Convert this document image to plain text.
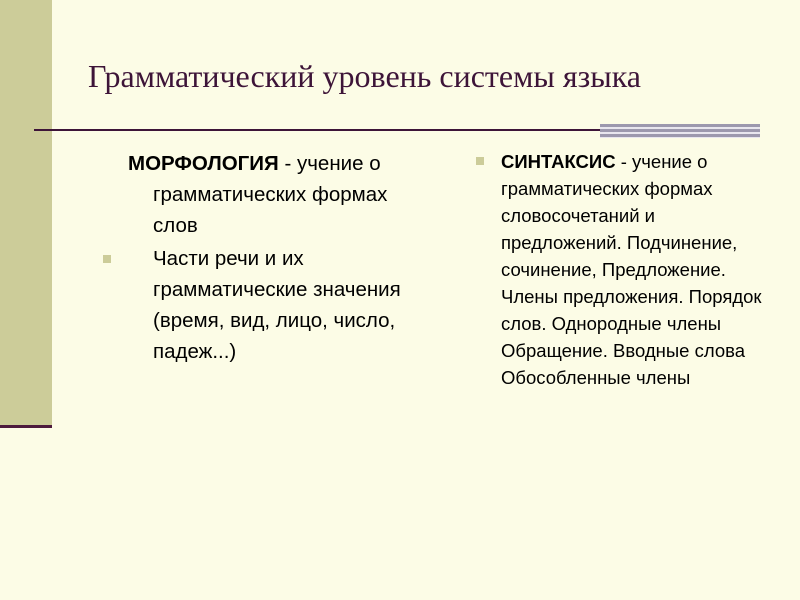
Грамматический уровень системы языка
МОРФОЛОГИЯ - учение о грамматических формах слов
Части речи и их грамматические значения (время, вид, лицо, число, падеж...)
СИНТАКСИС - учение о грамматических формах словосочетаний и предложений. Подчинение, сочинение, Предложение. Члены предложения. Порядок слов. Однородные члены Обращение. Вводные слова Обособленные члены
